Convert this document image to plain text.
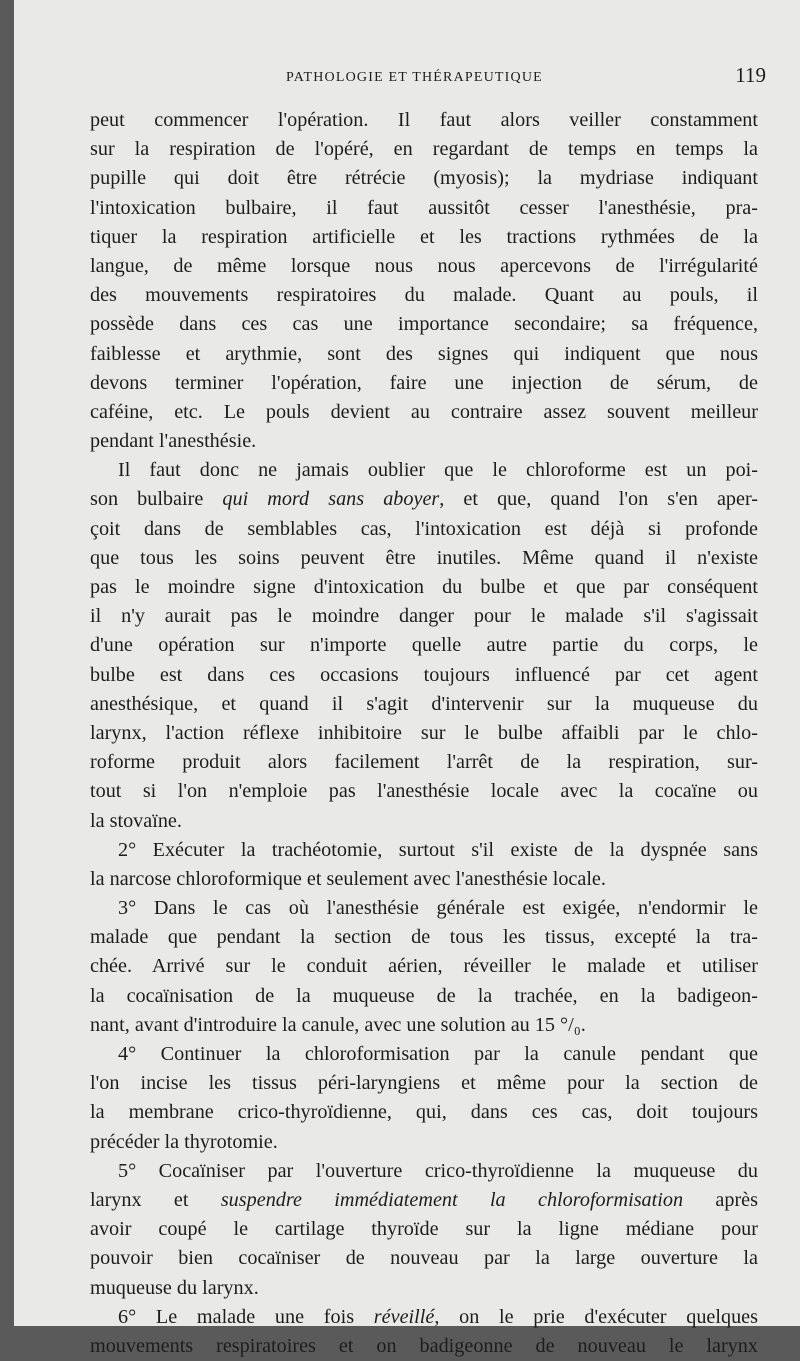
PATHOLOGIE ET THÉRAPEUTIQUE	119
peut commencer l'opération. Il faut alors veiller constamment
sur la respiration de l'opéré, en regardant de temps en temps la
pupille qui doit être rétrécie (myosis); la mydriase indiquant
l'intoxication bulbaire, il faut aussitôt cesser l'anesthésie, pra-
tiquer la respiration artificielle et les tractions rythmées de la
langue, de même lorsque nous nous apercevons de l'irrégularité
des mouvements respiratoires du malade. Quant au pouls, il
possède dans ces cas une importance secondaire; sa fréquence,
faiblesse et arythmie, sont des signes qui indiquent que nous
devons terminer l'opération, faire une injection de sérum, de
caféine, etc. Le pouls devient au contraire assez souvent meilleur
pendant l'anesthésie.
Il faut donc ne jamais oublier que le chloroforme est un poi-
son bulbaire qui mord sans aboyer, et que, quand l'on s'en aper-
çoit dans de semblables cas, l'intoxication est déjà si profonde
que tous les soins peuvent être inutiles. Même quand il n'existe
pas le moindre signe d'intoxication du bulbe et que par conséquent
il n'y aurait pas le moindre danger pour le malade s'il s'agissait
d'une opération sur n'importe quelle autre partie du corps, le
bulbe est dans ces occasions toujours influencé par cet agent
anesthésique, et quand il s'agit d'intervenir sur la muqueuse du
larynx, l'action réflexe inhibitoire sur le bulbe affaibli par le chlo-
roforme produit alors facilement l'arrêt de la respiration, sur-
tout si l'on n'emploie pas l'anesthésie locale avec la cocaïne ou
la stovaïne.
2° Exécuter la trachéotomie, surtout s'il existe de la dyspnée sans
la narcose chloroformique et seulement avec l'anesthésie locale.
3° Dans le cas où l'anesthésie générale est exigée, n'endormir le
malade que pendant la section de tous les tissus, excepté la tra-
chée. Arrivé sur le conduit aérien, réveiller le malade et utiliser
la cocaïnisation de la muqueuse de la trachée, en la badigeon-
nant, avant d'introduire la canule, avec une solution au 15 °/₀.
4° Continuer la chloroformisation par la canule pendant que
l'on incise les tissus péri-laryngiens et même pour la section de
la membrane crico-thyroïdienne, qui, dans ces cas, doit toujours
précéder la thyrotomie.
5° Cocaïniser par l'ouverture crico-thyroïdienne la muqueuse du
larynx et suspendre immédiatement la chloroformisation après
avoir coupé le cartilage thyroïde sur la ligne médiane pour
pouvoir bien cocaïniser de nouveau par la large ouverture la
muqueuse du larynx.
6° Le malade une fois réveillé, on le prie d'exécuter quelques
mouvements respiratoires et on badigeonne de nouveau le larynx
